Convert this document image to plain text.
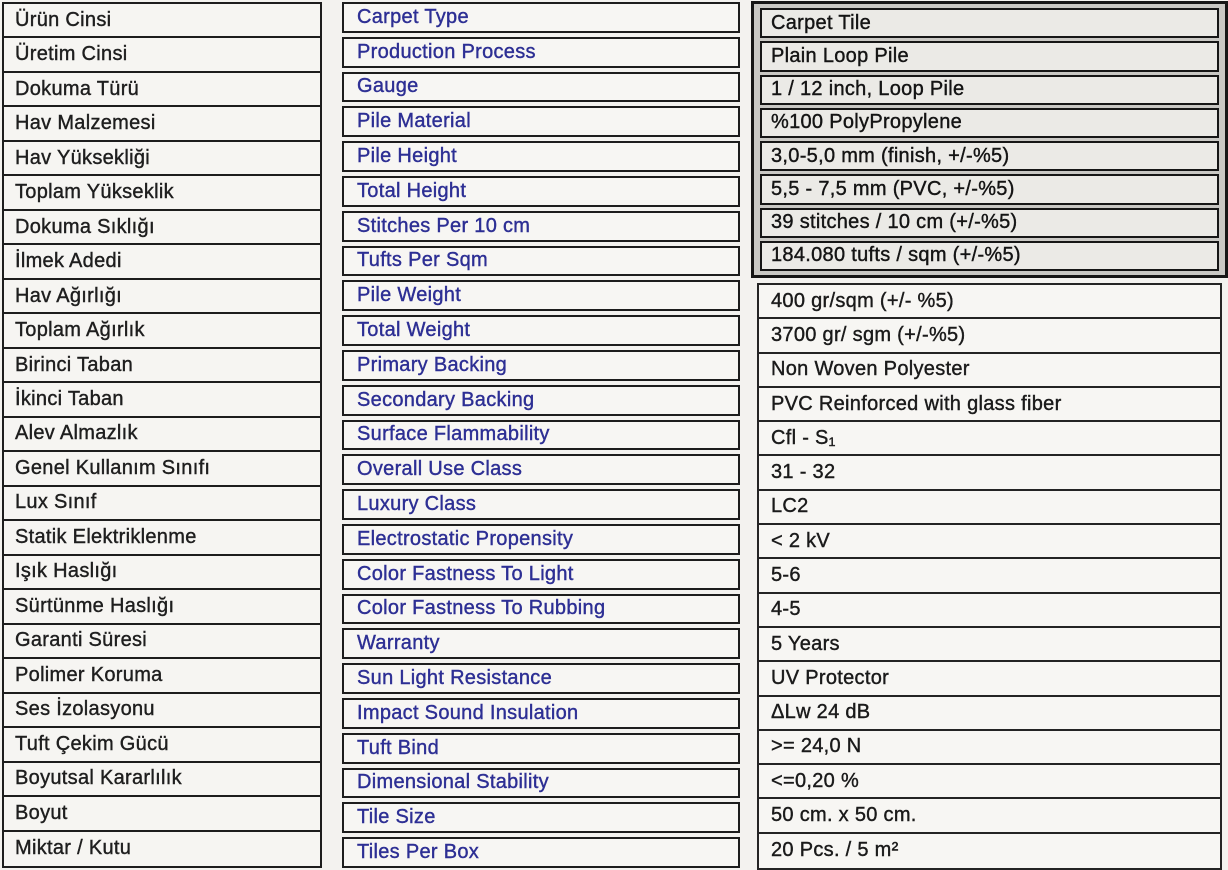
Ürün Cinsi
Üretim Cinsi
Dokuma Türü
Hav Malzemesi
Hav Yüksekliği
Toplam Yükseklik
Dokuma Sıklığı
İlmek Adedi
Hav Ağırlığı
Toplam Ağırlık
Birinci Taban
İkinci Taban
Alev Almazlık
Genel Kullanım Sınıfı
Lux Sınıf
Statik Elektriklenme
Işık Haslığı
Sürtünme Haslığı
Garanti Süresi
Polimer Koruma
Ses İzolasyonu
Tuft Çekim Gücü
Boyutsal Kararlılık
Boyut
Miktar / Kutu
Carpet Type
Production Process
Gauge
Pile Material
Pile Height
Total Height
Stitches Per 10 cm
Tufts Per Sqm
Pile Weight
Total Weight
Primary Backing
Secondary Backing
Surface Flammability
Overall Use Class
Luxury Class
Electrostatic Propensity
Color Fastness To Light
Color Fastness To Rubbing
Warranty
Sun Light Resistance
Impact Sound Insulation
Tuft Bind
Dimensional Stability
Tile Size
Tiles Per Box
Carpet Tile
Plain Loop Pile
1 / 12 inch, Loop Pile
%100 PolyPropylene
3,0-5,0 mm (finish, +/-%5)
5,5 - 7,5 mm (PVC, +/-%5)
39 stitches / 10 cm (+/-%5)
184.080 tufts / sqm (+/-%5)
400 gr/sqm (+/- %5)
3700 gr/ sgm (+/-%5)
Non Woven Polyester
PVC Reinforced with glass fiber
Cfl - S₁
31 - 32
LC2
< 2 kV
5-6
4-5
5 Years
UV Protector
ΔLw 24 dB
>= 24,0 N
<=0,20 %
50 cm. x 50 cm.
20 Pcs. / 5 m²
